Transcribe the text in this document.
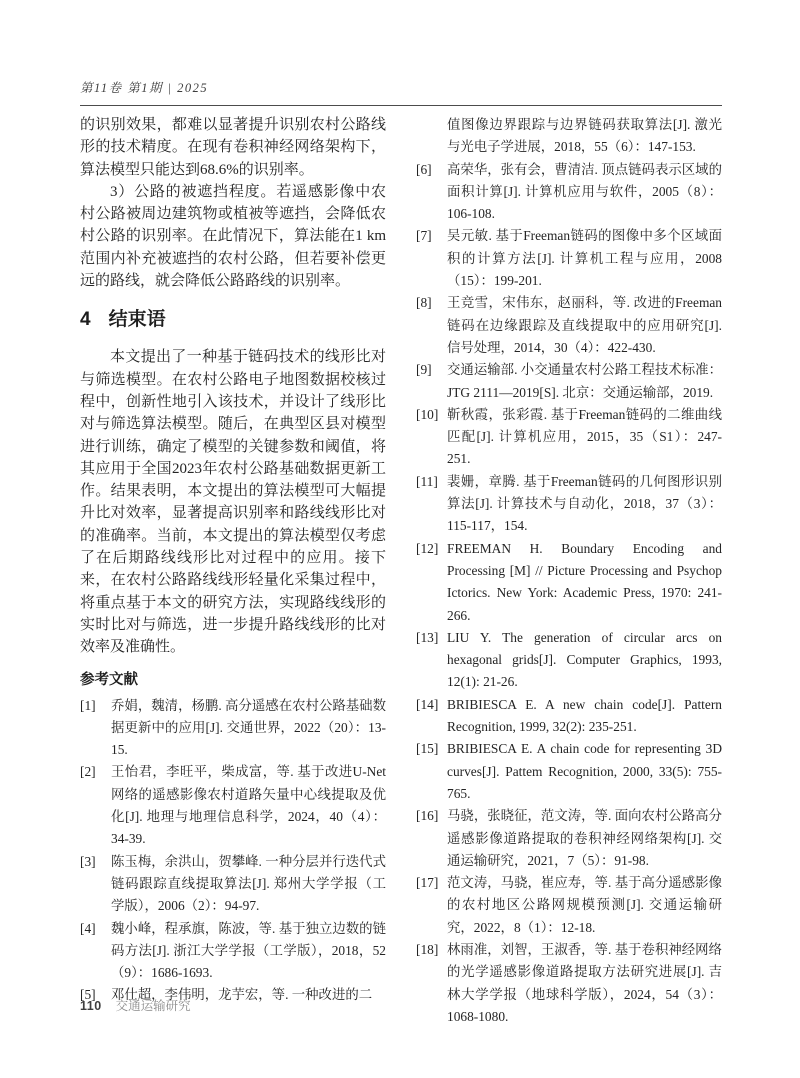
第11卷 第1期 | 2025

的识别效果，都难以显著提升识别农村公路线形的技术精度。在现有卷积神经网络架构下，算法模型只能达到68.6%的识别率。

3）公路的被遮挡程度。若遥感影像中农村公路被周边建筑物或植被等遮挡，会降低农村公路的识别率。在此情况下，算法能在1 km范围内补充被遮挡的农村公路，但若要补偿更远的路线，就会降低公路路线的识别率。

4 结束语

本文提出了一种基于链码技术的线形比对与筛选模型。在农村公路电子地图数据校核过程中，创新性地引入该技术，并设计了线形比对与筛选算法模型。随后，在典型区县对模型进行训练，确定了模型的关键参数和阈值，将其应用于全国2023年农村公路基础数据更新工作。结果表明，本文提出的算法模型可大幅提升比对效率，显著提高识别率和路线线形比对的准确率。当前，本文提出的算法模型仅考虑了在后期路线线形比对过程中的应用。接下来，在农村公路路线线形轻量化采集过程中，将重点基于本文的研究方法，实现路线线形的实时比对与筛选，进一步提升路线线形的比对效率及准确性。

参考文献
[1]	乔娟，魏清，杨鹏. 高分遥感在农村公路基础数据更新中的应用[J]. 交通世界，2022（20）：13-15.
[2]	王怡君，李旺平，柴成富，等. 基于改进U-Net网络的遥感影像农村道路矢量中心线提取及优化[J]. 地理与地理信息科学，2024，40（4）：34-39.
[3]	陈玉梅，余洪山，贺攀峰. 一种分层并行迭代式链码跟踪直线提取算法[J]. 郑州大学学报（工学版），2006（2）：94-97.
[4]	魏小峰，程承旗，陈波，等. 基于独立边数的链码方法[J]. 浙江大学学报（工学版），2018，52（9）：1686-1693.
[5]	邓仕超，李伟明，龙芋宏，等. 一种改进的二
值图像边界跟踪与边界链码获取算法[J]. 激光与光电子学进展，2018，55（6）：147-153.
[6]	高荣华，张有会，曹清洁. 顶点链码表示区域的面积计算[J]. 计算机应用与软件，2005（8）：106-108.
[7]	吴元敏. 基于Freeman链码的图像中多个区域面积的计算方法[J]. 计算机工程与应用，2008（15）：199-201.
[8]	王竞雪，宋伟东，赵丽科，等. 改进的Freeman链码在边缘跟踪及直线提取中的应用研究[J]. 信号处理，2014，30（4）：422-430.
[9]	交通运输部. 小交通量农村公路工程技术标准：JTG 2111—2019[S]. 北京：交通运输部，2019.
[10] 靳秋霞，张彩霞. 基于Freeman链码的二维曲线匹配[J]. 计算机应用，2015，35（S1）：247-251.
[11] 裴姗，章腾. 基于Freeman链码的几何图形识别算法[J]. 计算技术与自动化，2018，37（3）：115-117，154.
[12] FREEMAN H. Boundary Encoding and Processing [M] // Picture Processing and Psychop Ictorics. New York: Academic Press, 1970: 241-266.
[13] LIU Y. The generation of circular arcs on hexagonal grids[J]. Computer Graphics, 1993, 12(1): 21-26.
[14] BRIBIESCA E. A new chain code[J]. Pattern Recognition, 1999, 32(2): 235-251.
[15] BRIBIESCA E. A chain code for representing 3D curves[J]. Pattem Recognition, 2000, 33(5): 755-765.
[16] 马骁，张晓征，范文涛，等. 面向农村公路高分遥感影像道路提取的卷积神经网络架构[J]. 交通运输研究，2021，7（5）：91-98.
[17] 范文涛，马骁，崔应寿，等. 基于高分遥感影像的农村地区公路网规模预测[J]. 交通运输研究，2022，8（1）：12-18.
[18] 林雨准，刘智，王淑香，等. 基于卷积神经网络的光学遥感影像道路提取方法研究进展[J]. 吉林大学学报（地球科学版），2024，54（3）：1068-1080.
110 交通运输研究
